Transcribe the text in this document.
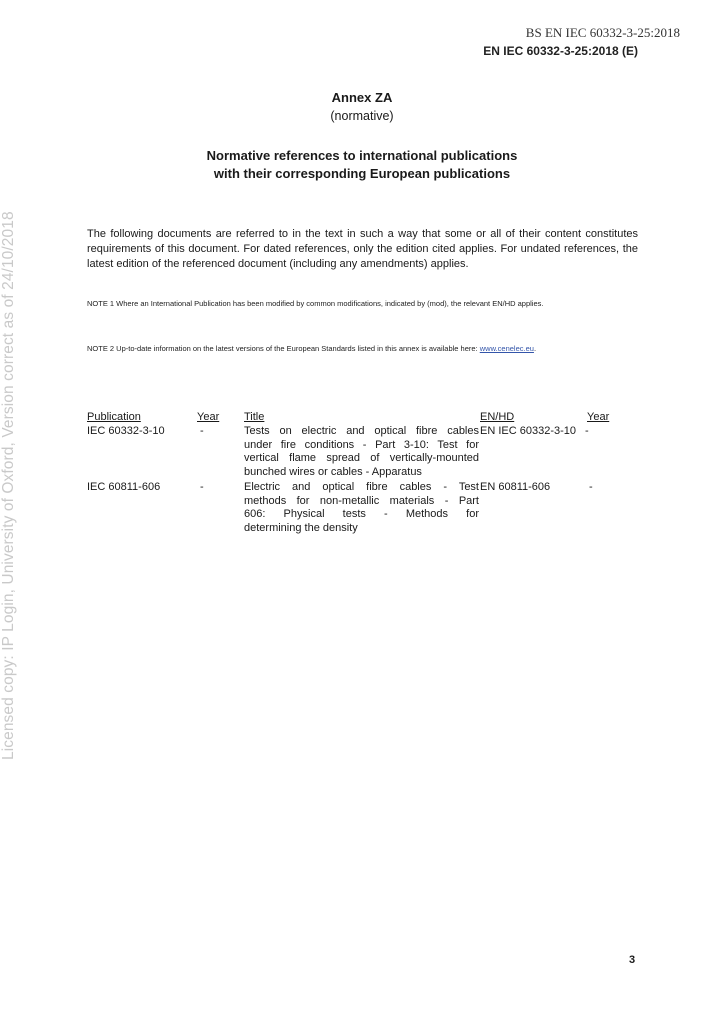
BS EN IEC 60332-3-25:2018
EN IEC 60332-3-25:2018 (E)
Licensed copy: IP Login, University of Oxford, Version correct as of 24/10/2018
Annex ZA
(normative)
Normative references to international publications
with their corresponding European publications
The following documents are referred to in the text in such a way that some or all of their content constitutes requirements of this document. For dated references, only the edition cited applies. For undated references, the latest edition of the referenced document (including any amendments) applies.
NOTE 1 Where an International Publication has been modified by common modifications, indicated by (mod), the relevant EN/HD applies.
NOTE 2 Up-to-date information on the latest versions of the European Standards listed in this annex is available here: www.cenelec.eu.
Publication	Year Title	EN/HD	Year
IEC 60332-3-10	-	Tests on electric and optical fibre cables
under fire conditions - Part 3-10: Test for
vertical flame spread of vertically-mounted
bunched wires or cables - Apparatus
EN IEC 60332-3-10 -
IEC 60811-606	-	Electric and optical fibre cables - Test
methods for non-metallic materials - Part
606: Physical tests - Methods for
determining the density
EN 60811-606	-
3
